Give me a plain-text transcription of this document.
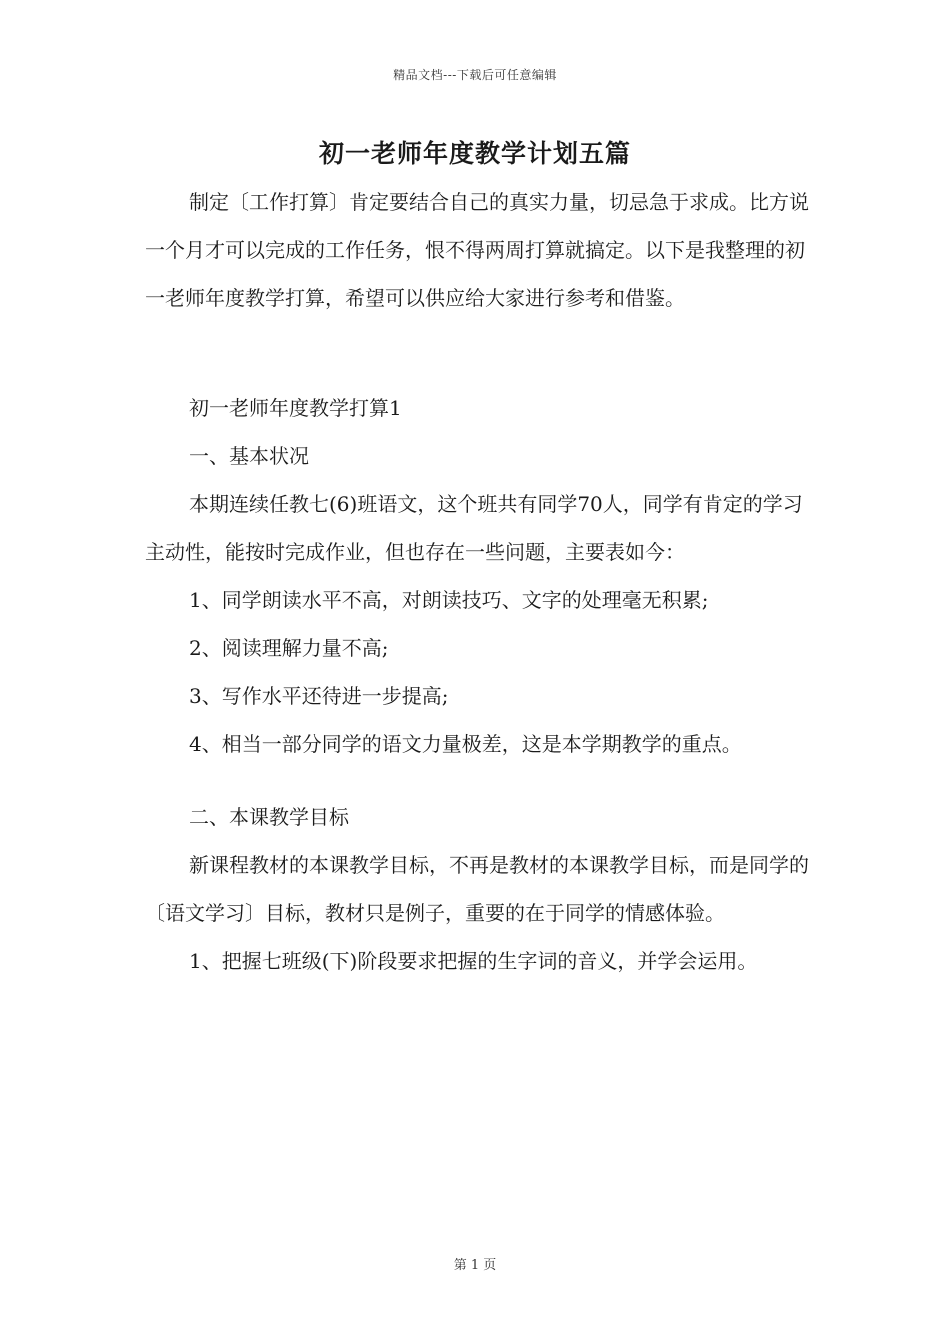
精品文档---下载后可任意编辑
初一老师年度教学计划五篇

制定〔工作打算〕肯定要结合自己的真实力量，切忌急于求成。比方说一个月才可以完成的工作任务，恨不得两周打算就搞定。以下是我整理的初一老师年度教学打算，希望可以供应给大家进行参考和借鉴。

初一老师年度教学打算1

一、基本状况

本期连续任教七(6)班语文，这个班共有同学70人，同学有肯定的学习主动性，能按时完成作业，但也存在一些问题，主要表如今：

1、同学朗读水平不高，对朗读技巧、文字的处理毫无积累;

2、阅读理解力量不高;

3、写作水平还待进一步提高;

4、相当一部分同学的语文力量极差，这是本学期教学的重点。

二、本课教学目标

新课程教材的本课教学目标，不再是教材的本课教学目标，而是同学的〔语文学习〕目标，教材只是例子，重要的在于同学的情感体验。

1、把握七班级(下)阶段要求把握的生字词的音义，并学会运用。

第 1 页
